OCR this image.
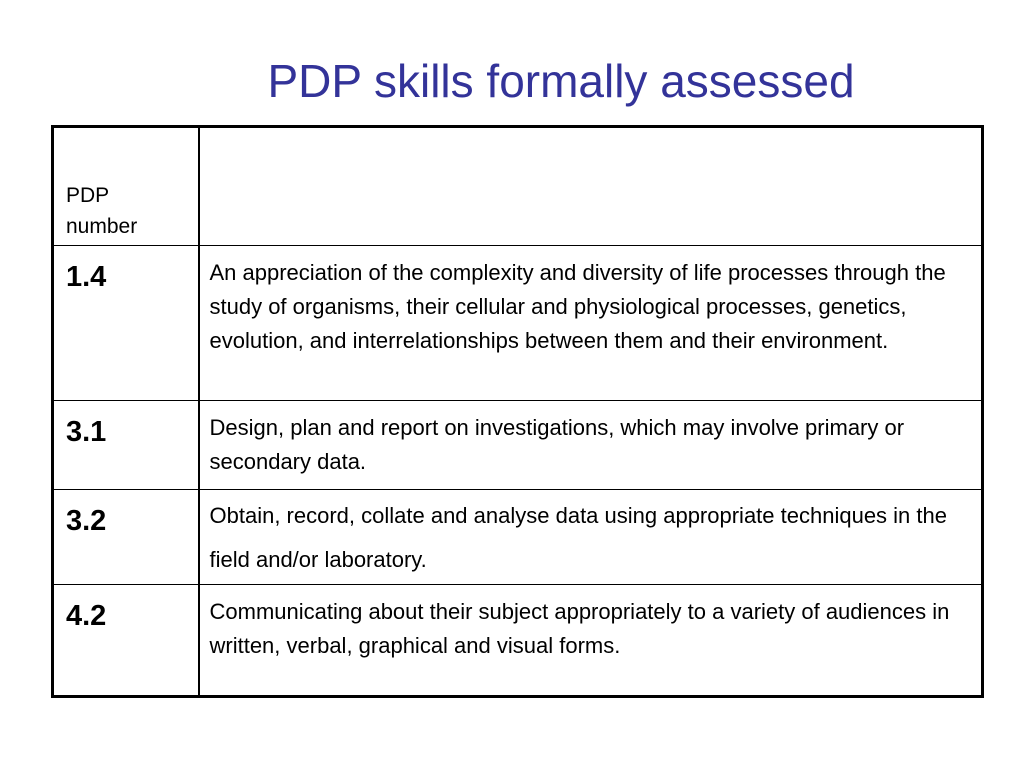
PDP skills formally assessed
PDP number	

1.4	An appreciation of the complexity and diversity of life processes through the study of organisms, their cellular and physiological processes, genetics, evolution, and interrelationships between them and their environment.

3.1	Design, plan and report on investigations, which may involve primary or secondary data.

3.2	Obtain, record, collate and analyse data using appropriate techniques in the field and/or laboratory.

4.2	Communicating about their subject appropriately to a variety of audiences in written, verbal, graphical and visual forms.
